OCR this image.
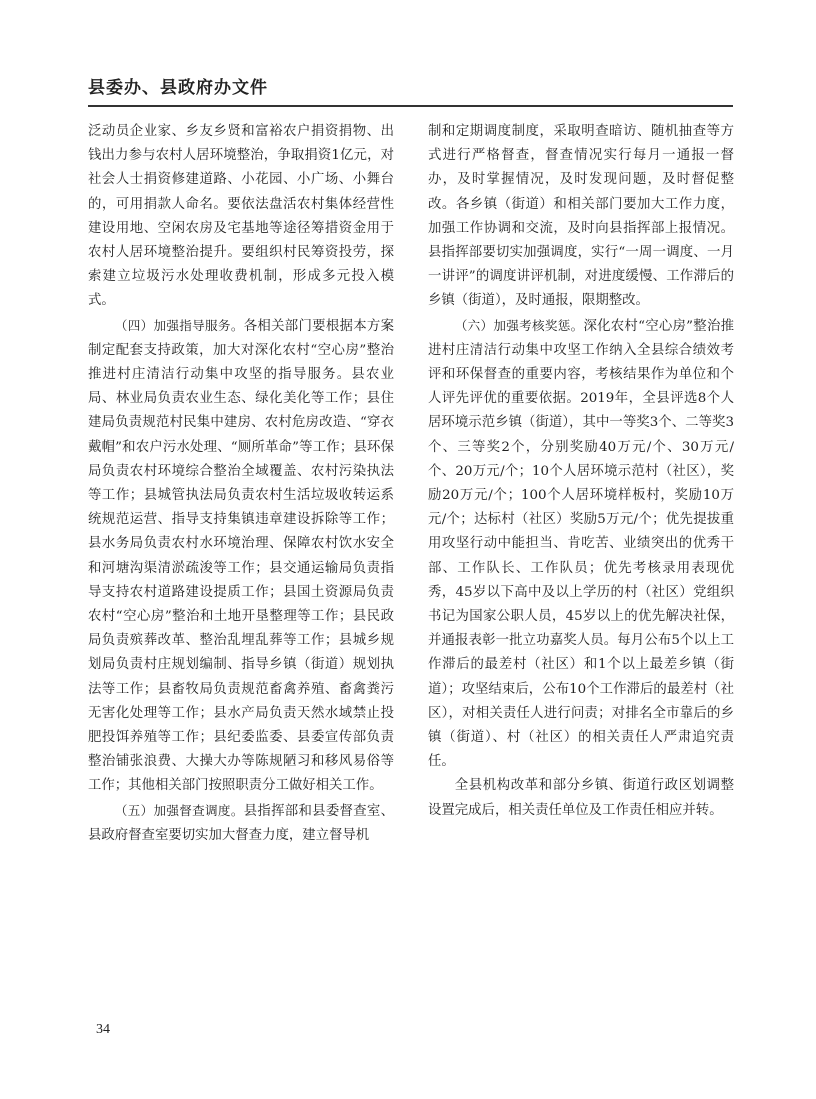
县委办、县政府办文件

泛动员企业家、乡友乡贤和富裕农户捐资捐物、出钱出力参与农村人居环境整治，争取捐资1亿元，对社会人士捐资修建道路、小花园、小广场、小舞台的，可用捐款人命名。要依法盘活农村集体经营性建设用地、空闲农房及宅基地等途径筹措资金用于农村人居环境整治提升。要组织村民筹资投劳，探索建立垃圾污水处理收费机制，形成多元投入模式。

（四）加强指导服务。各相关部门要根据本方案制定配套支持政策，加大对深化农村“空心房”整治推进村庄清洁行动集中攻坚的指导服务。县农业局、林业局负责农业生态、绿化美化等工作；县住建局负责规范村民集中建房、农村危房改造、“穿衣戴帽”和农户污水处理、“厕所革命”等工作；县环保局负责农村环境综合整治全域覆盖、农村污染执法等工作；县城管执法局负责农村生活垃圾收转运系统规范运营、指导支持集镇违章建设拆除等工作；县水务局负责农村水环境治理、保障农村饮水安全和河塘沟渠清淤疏浚等工作；县交通运输局负责指导支持农村道路建设提质工作；县国土资源局负责农村“空心房”整治和土地开垦整理等工作；县民政局负责殡葬改革、整治乱埋乱葬等工作；县城乡规划局负责村庄规划编制、指导乡镇（街道）规划执法等工作；县畜牧局负责规范畜禽养殖、畜禽粪污无害化处理等工作；县水产局负责天然水域禁止投肥投饵养殖等工作；县纪委监委、县委宣传部负责整治铺张浪费、大操大办等陈规陋习和移风易俗等工作；其他相关部门按照职责分工做好相关工作。

（五）加强督查调度。县指挥部和县委督查室、县政府督查室要切实加大督查力度，建立督导机

制和定期调度制度，采取明查暗访、随机抽查等方式进行严格督查，督查情况实行每月一通报一督办，及时掌握情况，及时发现问题，及时督促整改。各乡镇（街道）和相关部门要加大工作力度，加强工作协调和交流，及时向县指挥部上报情况。县指挥部要切实加强调度，实行“一周一调度、一月一讲评”的调度讲评机制，对进度缓慢、工作滞后的乡镇（街道），及时通报，限期整改。

（六）加强考核奖惩。深化农村“空心房”整治推进村庄清洁行动集中攻坚工作纳入全县综合绩效考评和环保督查的重要内容，考核结果作为单位和个人评先评优的重要依据。2019年，全县评选8个人居环境示范乡镇（街道），其中一等奖3个、二等奖3个、三等奖2个，分别奖励40万元/个、30万元/个、20万元/个；10个人居环境示范村（社区），奖励20万元/个；100个人居环境样板村，奖励10万元/个；达标村（社区）奖励5万元/个；优先提拔重用攻坚行动中能担当、肯吃苦、业绩突出的优秀干部、工作队长、工作队员；优先考核录用表现优秀，45岁以下高中及以上学历的村（社区）党组织书记为国家公职人员，45岁以上的优先解决社保，并通报表彰一批立功嘉奖人员。每月公布5个以上工作滞后的最差村（社区）和1个以上最差乡镇（街道）；攻坚结束后，公布10个工作滞后的最差村（社区），对相关责任人进行问责；对排名全市靠后的乡镇（街道）、村（社区）的相关责任人严肃追究责任。

全县机构改革和部分乡镇、街道行政区划调整设置完成后，相关责任单位及工作责任相应并转。

34
